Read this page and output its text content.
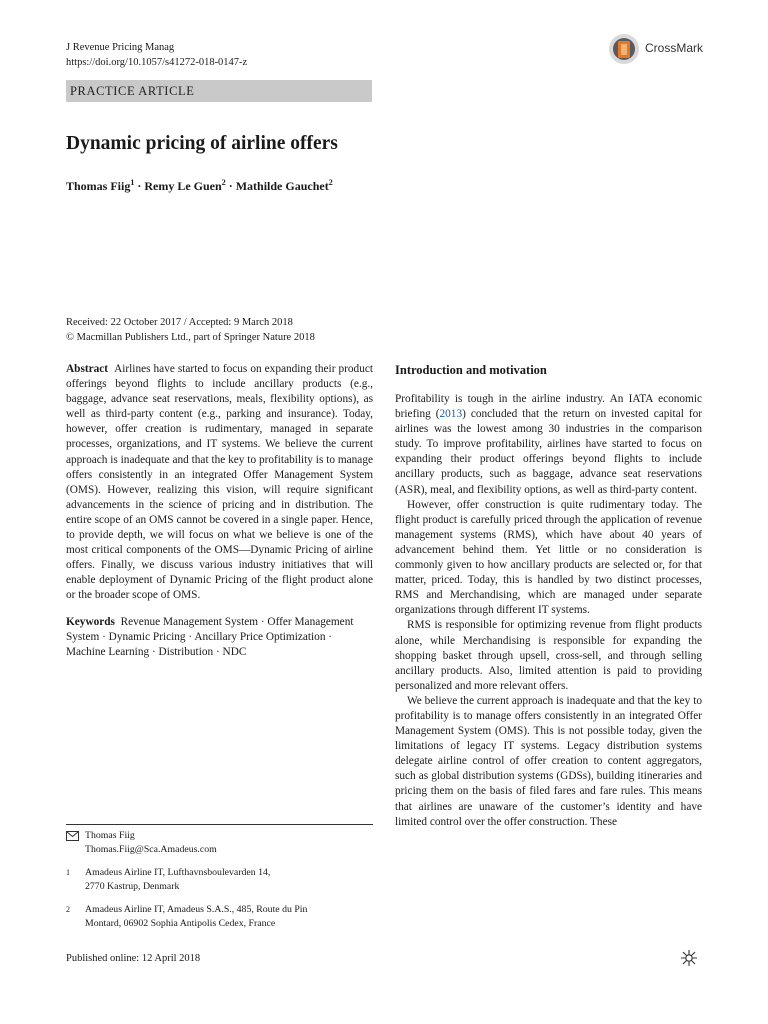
J Revenue Pricing Manag
https://doi.org/10.1057/s41272-018-0147-z
CrossMark
PRACTICE ARTICLE
Dynamic pricing of airline offers
Thomas Fiig$^1$ · Remy Le Guen$^2$ · Mathilde Gauchet$^2$
Received: 22 October 2017 / Accepted: 9 March 2018
© Macmillan Publishers Ltd., part of Springer Nature 2018

Abstract Airlines have started to focus on expanding their product offerings beyond flights to include ancillary products (e.g., baggage, advance seat reservations, meals, flexibility options), as well as third-party content (e.g., parking and insurance). Today, however, offer creation is rudimentary, managed in separate processes, organizations, and IT systems. We believe the current approach is inadequate and that the key to profitability is to manage offers consistently in an integrated Offer Management System (OMS). However, realizing this vision, will require significant advancements in the science of pricing and in distribution. The entire scope of an OMS cannot be covered in a single paper. Hence, to provide depth, we will focus on what we believe is one of the most critical components of the OMS—Dynamic Pricing of airline offers. Finally, we discuss various industry initiatives that will enable deployment of Dynamic Pricing of the flight product alone or the broader scope of OMS.

Keywords Revenue Management System · Offer Management System · Dynamic Pricing · Ancillary Price Optimization · Machine Learning · Distribution · NDC

Thomas Fiig
Thomas.Fiig@Sca.Amadeus.com
1	Amadeus Airline IT, Lufthavnsboulevarden 14,
2770 Kastrup, Denmark
2	Amadeus Airline IT, Amadeus S.A.S., 485, Route du Pin
Montard, 06902 Sophia Antipolis Cedex, France
Published online: 12 April 2018
Introduction and motivation

Profitability is tough in the airline industry. An IATA economic briefing (2013) concluded that the return on invested capital for airlines was the lowest among 30 industries in the comparison study. To improve profitability, airlines have started to focus on expanding their product offerings beyond flights to include ancillary products, such as baggage, advance seat reservations (ASR), meal, and flexibility options, as well as third-party content.

However, offer construction is quite rudimentary today. The flight product is carefully priced through the application of revenue management systems (RMS), which have about 40 years of advancement behind them. Yet little or no consideration is commonly given to how ancillary products are selected or, for that matter, priced. Today, this is handled by two distinct processes, RMS and Merchandising, which are managed under separate organizations through different IT systems.

RMS is responsible for optimizing revenue from flight products alone, while Merchandising is responsible for expanding the shopping basket through upsell, cross-sell, and through selling ancillary products. Also, limited attention is paid to providing personalized and more relevant offers.

We believe the current approach is inadequate and that the key to profitability is to manage offers consistently in an integrated Offer Management System (OMS). This is not possible today, given the limitations of legacy IT systems. Legacy distribution systems delegate airline control of offer creation to content aggregators, such as global distribution systems (GDSs), building itineraries and pricing them on the basis of filed fares and fare rules. This means that airlines are unaware of the customer’s identity and have limited control over the offer construction. These
